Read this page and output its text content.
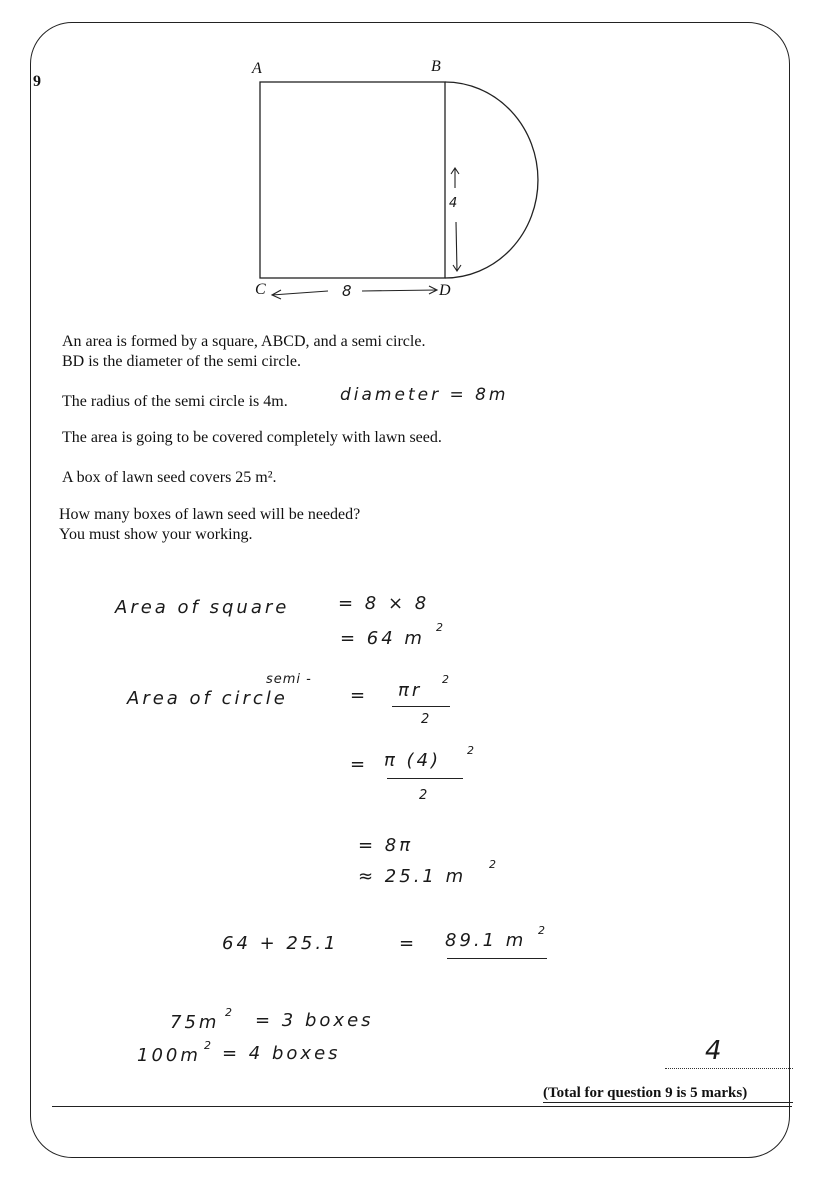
9
A	B
C	D
8
4
An area is formed by a square, ABCD, and a semi circle.
BD is the diameter of the semi circle.
The radius of the semi circle is 4m.	diameter = 8m
The area is going to be covered completely with lawn seed.
A box of lawn seed covers 25 m².
How many boxes of lawn seed will be needed?
You must show your working.
Area of square	= 8 × 8
= 64 m
2
semi -
Area of circle	= πr
2
2
= π (4) 2
2
= 8π
≈ 25.1 m
2
64 + 25.1	= 89.1 m 2
75m 2 = 3 boxes
100m 2 = 4 boxes	4
(Total for question 9 is 5 marks)
